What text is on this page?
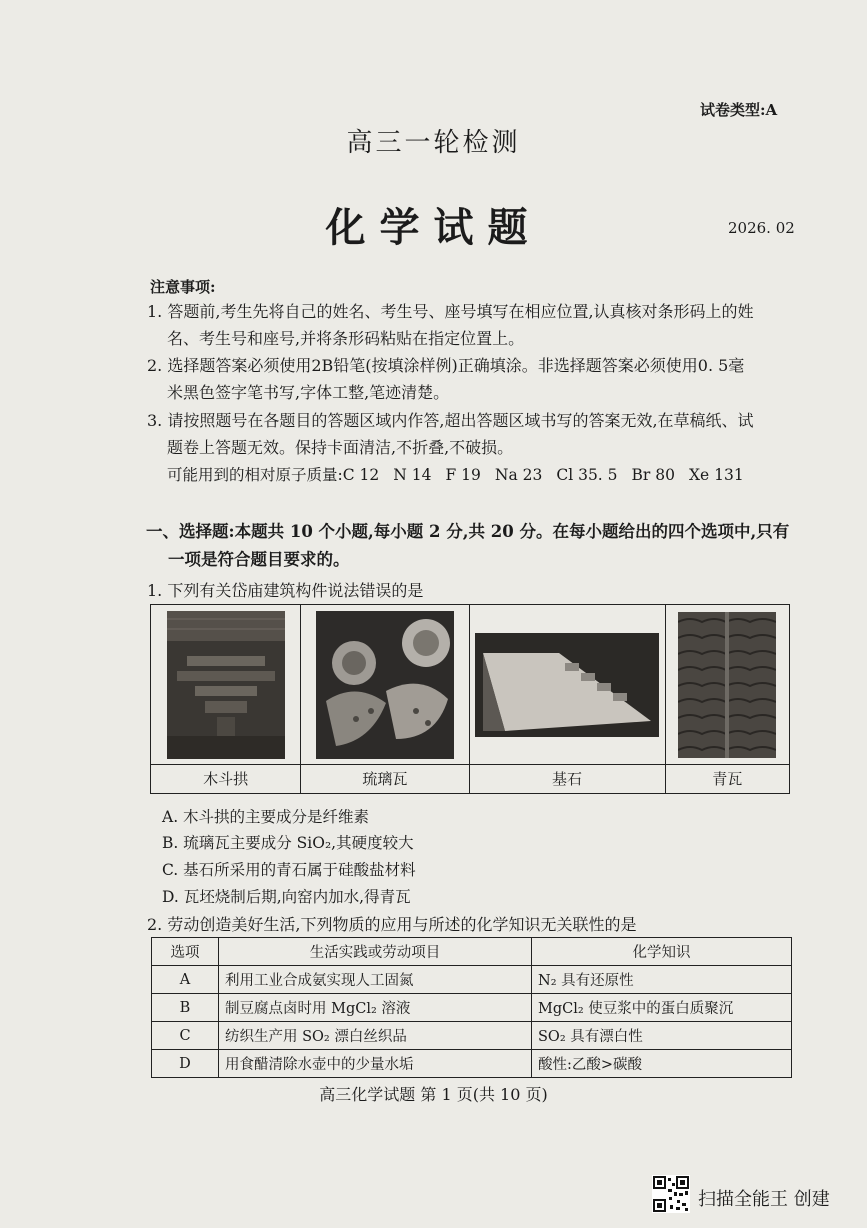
试卷类型:A
高三一轮检测
化学试题	2026. 02
注意事项:
1. 答题前,考生先将自己的姓名、考生号、座号填写在相应位置,认真核对条形码上的姓
名、考生号和座号,并将条形码粘贴在指定位置上。
2. 选择题答案必须使用2B铅笔(按填涂样例)正确填涂。非选择题答案必须使用0. 5毫
米黑色签字笔书写,字体工整,笔迹清楚。
3. 请按照题号在各题目的答题区域内作答,超出答题区域书写的答案无效,在草稿纸、试
题卷上答题无效。保持卡面清洁,不折叠,不破损。
可能用到的相对原子质量:C 12 N 14 F 19 Na 23 Cl 35. 5 Br 80 Xe 131
一、选择题:本题共 10 个小题,每小题 2 分,共 20 分。在每小题给出的四个选项中,只有
一项是符合题目要求的。
1. 下列有关岱庙建筑构件说法错误的是
木斗拱	琉璃瓦	基石	青瓦
A. 木斗拱的主要成分是纤维素
B. 琉璃瓦主要成分 SiO₂,其硬度较大
C. 基石所采用的青石属于硅酸盐材料
D. 瓦坯烧制后期,向窑内加水,得青瓦
2. 劳动创造美好生活,下列物质的应用与所述的化学知识无关联性的是
选项	生活实践或劳动项目	化学知识
A	利用工业合成氨实现人工固氮	N₂ 具有还原性
B	制豆腐点卤时用 MgCl₂ 溶液	MgCl₂ 使豆浆中的蛋白质聚沉
C	纺织生产用 SO₂ 漂白丝织品	SO₂ 具有漂白性
D	用食醋清除水壶中的少量水垢	酸性:乙酸>碳酸
高三化学试题 第 1 页(共 10 页)
扫描全能王 创建
